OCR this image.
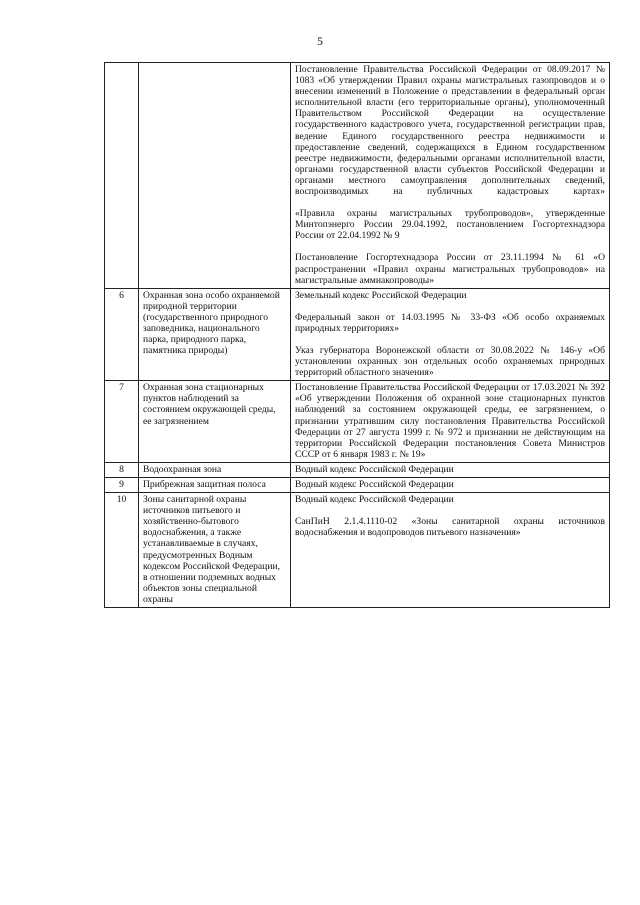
5

		Постановление Правительства Российской Федерации от 08.09.2017 № 1083 «Об утверждении Правил охраны магистральных газопроводов и о внесении изменений в Положение о представлении в федеральный орган исполнительной власти (его территориальные органы), уполномоченный Правительством Российской Федерации на осуществление государственного кадастрового учета, государственной регистрации прав, ведение Единого государственного реестра недвижимости и предоставление сведений, содержащихся в Едином государственном реестре недвижимости, федеральными органами исполнительной власти, органами государственной власти субъектов Российской Федерации и органами местного самоуправления дополнительных сведений, воспроизводимых на публичных кадастровых картах»

«Правила охраны магистральных трубопроводов», утвержденные Минтопэнерго России 29.04.1992, постановлением Госгортехнадзора России от 22.04.1992 № 9

Постановление Госгортехнадзора России от 23.11.1994 № 61 «О распространении «Правил охраны магистральных трубопроводов» на магистральные аммиакопроводы»

6	Охранная зона особо охраняемой природной территории (государственного природного заповедника, национального парка, природного парка, памятника природы)	Земельный кодекс Российской Федерации

Федеральный закон от 14.03.1995 № 33-ФЗ «Об особо охраняемых природных территориях»

Указ губернатора Воронежской области от 30.08.2022 № 146-у «Об установлении охранных зон отдельных особо охраняемых природных территорий областного значения»

7	Охранная зона стационарных пунктов наблюдений за состоянием окружающей среды, ее загрязнением	Постановление Правительства Российской Федерации от 17.03.2021 № 392 «Об утверждении Положения об охранной зоне стационарных пунктов наблюдений за состоянием окружающей среды, ее загрязнением, о признании утратившим силу постановления Правительства Российской Федерации от 27 августа 1999 г. № 972 и признании не действующим на территории Российской Федерации постановления Совета Министров СССР от 6 января 1983 г. № 19»

8	Водоохранная зона	Водный кодекс Российской Федерации

9	Прибрежная защитная полоса	Водный кодекс Российской Федерации

10	Зоны санитарной охраны источников питьевого и хозяйственно-бытового водоснабжения, а также устанавливаемые в случаях, предусмотренных Водным кодексом Российской Федерации, в отношении подземных водных объектов зоны специальной охраны	Водный кодекс Российской Федерации

СанПиН 2.1.4.1110-02 «Зоны санитарной охраны источников водоснабжения и водопроводов питьевого назначения»
